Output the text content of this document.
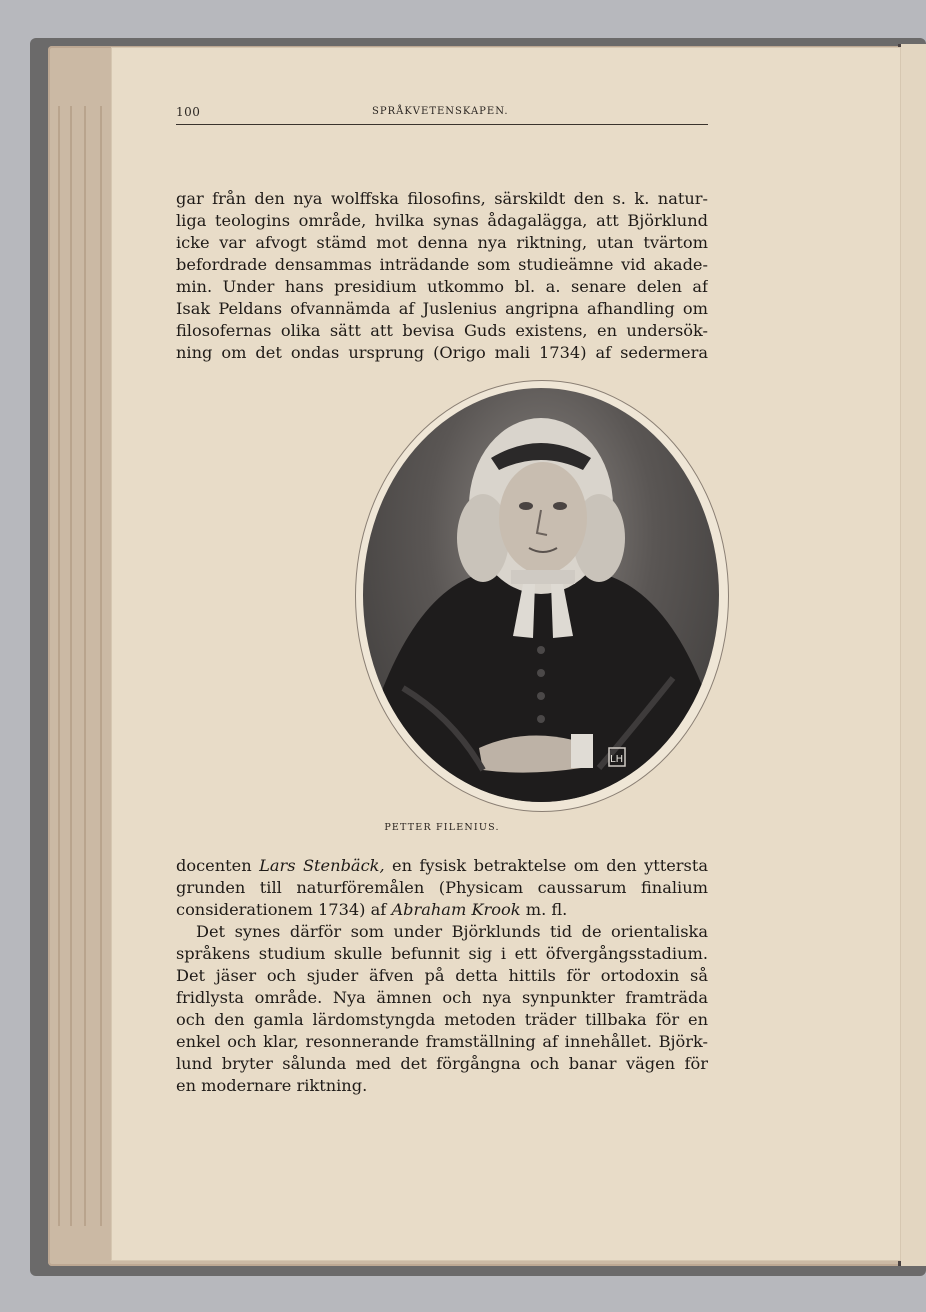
100	SPRÅKVETENSKAPEN.
gar från den nya wolffska filosofins, särskildt den s. k. natur-
liga teologins område, hvilka synas ådagalägga, att Björklund
icke var afvogt stämd mot denna nya riktning, utan tvärtom
befordrade densammas inträdande som studieämne vid akade-
min. Under hans presidium utkommo bl. a. senare delen af
Isak Peldans ofvannämda af Juslenius angripna afhandling om
filosofernas olika sätt att bevisa Guds existens, en undersök-
ning om det ondas ursprung (Origo mali 1734) af sedermera
LH
PETTER FILENIUS.
docenten Lars Stenbäck, en fysisk betraktelse om den yttersta
grunden till naturföremålen (Physicam caussarum finalium
considerationem 1734) af Abraham Krook m. fl.
Det synes därför som under Björklunds tid de orientaliska
språkens studium skulle befunnit sig i ett öfvergångsstadium.
Det jäser och sjuder äfven på detta hittils för ortodoxin så
fridlysta område. Nya ämnen och nya synpunkter framträda
och den gamla lärdomstyngda metoden träder tillbaka för en
enkel och klar, resonnerande framställning af innehållet. Björk-
lund bryter sålunda med det förgångna och banar vägen för
en modernare riktning.
